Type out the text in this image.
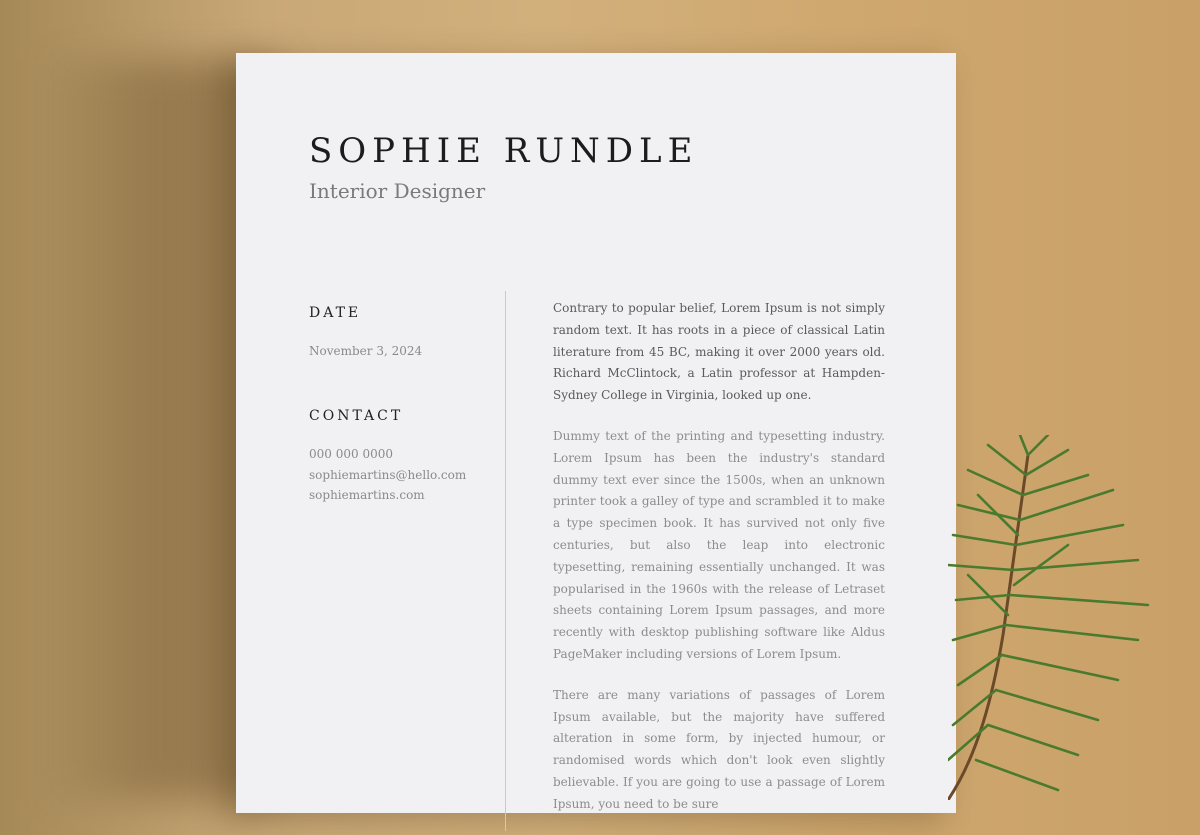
SOPHIE RUNDLE
Interior Designer
DATE

November 3, 2024

CONTACT
000 000 0000
sophiemartins@hello.com
sophiemartins.com

Contrary to popular belief, Lorem Ipsum is not simply random text. It has roots in a piece of classical Latin literature from 45 BC, making it over 2000 years old. Richard McClintock, a Latin professor at Hampden-Sydney College in Virginia, looked up one.

Dummy text of the printing and typesetting industry. Lorem Ipsum has been the industry's standard dummy text ever since the 1500s, when an unknown printer took a galley of type and scrambled it to make a type specimen book. It has survived not only five centuries, but also the leap into electronic typesetting, remaining essentially unchanged. It was popularised in the 1960s with the release of Letraset sheets containing Lorem Ipsum passages, and more recently with desktop publishing software like Aldus PageMaker including versions of Lorem Ipsum.

There are many variations of passages of Lorem Ipsum available, but the majority have suffered alteration in some form, by injected humour, or randomised words which don't look even slightly believable. If you are going to use a passage of Lorem Ipsum, you need to be sure
